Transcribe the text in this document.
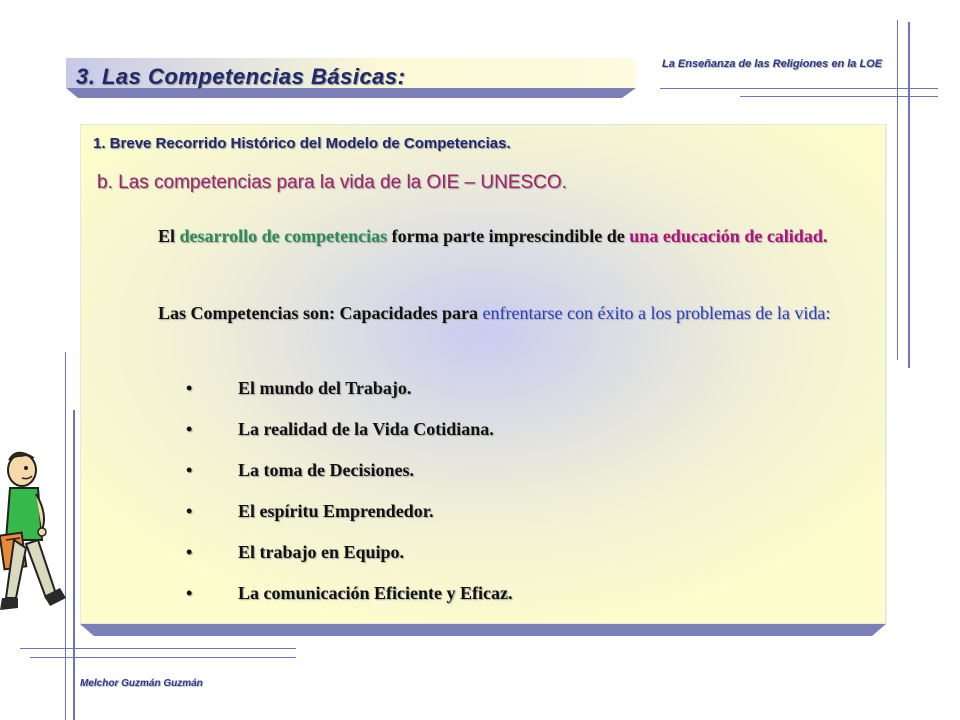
3. Las Competencias Básicas:	La Enseñanza de las Religiones en la LOE
1. Breve Recorrido Histórico del Modelo de Competencias.
b. Las competencias para la vida de la OIE – UNESCO.
El desarrollo de competencias forma parte imprescindible de una educación de calidad.
Las Competencias son: Capacidades para enfrentarse con éxito a los problemas de la vida:
•	El mundo del Trabajo.
•	La realidad de la Vida Cotidiana.
•	La toma de Decisiones.
•	El espíritu Emprendedor.
•	El trabajo en Equipo.
•	La comunicación Eficiente y Eficaz.
Melchor Guzmán Guzmán
